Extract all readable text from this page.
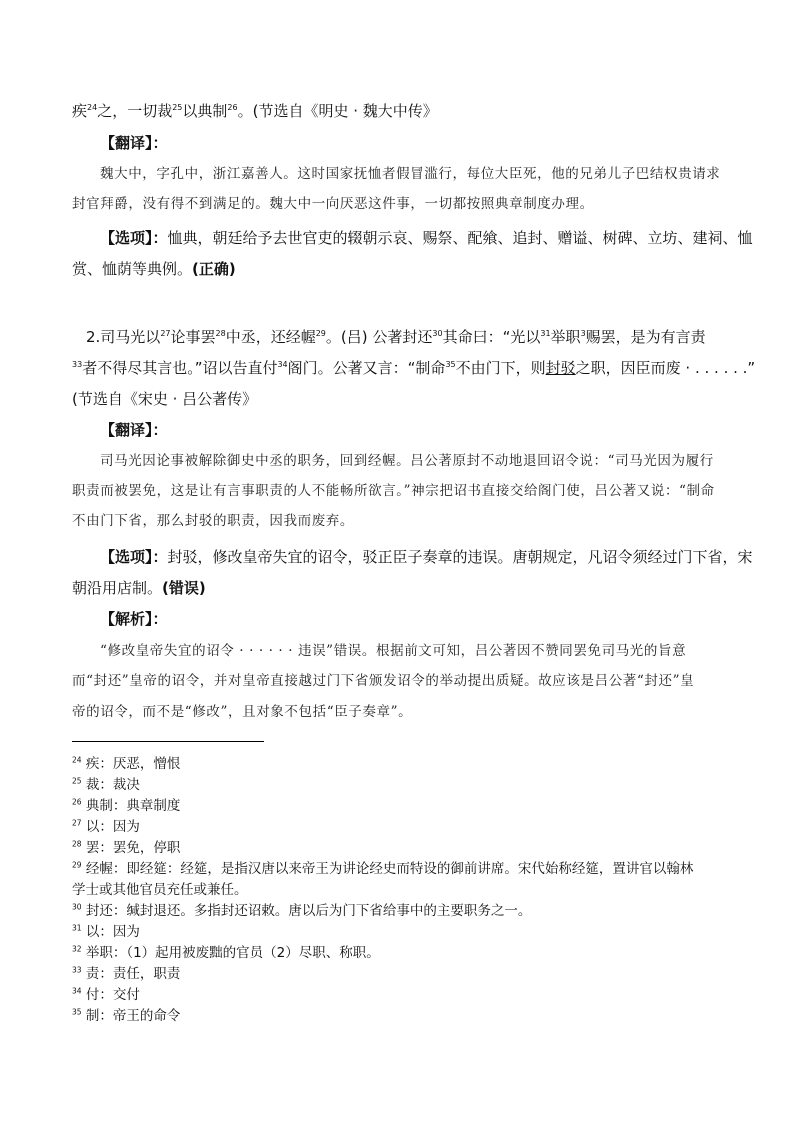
疾$^{24}$之，一切裁$^{25}$以典制$^{26}$。(节选自《明史 · 魏大中传》
【翻译】：
魏大中，字孔中，浙江嘉善人。这时国家抚恤者假冒滥行，每位大臣死，他的兄弟儿子巴结权贵请求
封官拜爵，没有得不到满足的。魏大中一向厌恶这件事，一切都按照典章制度办理。
【选项】：恤典，朝廷给予去世官吏的辍朝示哀、赐祭、配飨、追封、赠谥、树碑、立坊、建祠、恤
赏、恤荫等典例。(正确)
2.司马光以$^{27}$论事罢$^{28}$中丞，还经幄$^{29}$。(吕) 公著封还$^{30}$其命曰：“光以$^{31}$举职$^3$赐罢，是为有言责
$^{33}$者不得尽其言也。”诏以告直付$^{34}$阁门。公著又言：“制命$^{35}$不由门下，则封驳之职，因臣而废 · . . . . . .”
(节选自《宋史 · 吕公著传》
【翻译】：
司马光因论事被解除御史中丞的职务，回到经幄。吕公著原封不动地退回诏令说：“司马光因为履行
职责而被罢免，这是让有言事职责的人不能畅所欲言。”神宗把诏书直接交给阁门使，吕公著又说：“制命
不由门下省，那么封驳的职责，因我而废弃。
【选项】：封驳，修改皇帝失宜的诏令，驳正臣子奏章的违误。唐朝规定，凡诏令须经过门下省，宋
朝沿用店制。(错误)
【解析】：
“修改皇帝失宜的诏令 · · · · · · 违误”错误。根据前文可知，吕公著因不赞同罢免司马光的旨意
而“封还”皇帝的诏令，并对皇帝直接越过门下省颁发诏令的举动提出质疑。故应该是吕公著“封还”皇
帝的诏令，而不是“修改”，且对象不包括“臣子奏章”。
$^{24}$ 疾：厌恶，憎恨
$^{25}$ 裁：裁决
$^{26}$ 典制：典章制度
$^{27}$ 以：因为
$^{28}$ 罢：罢免，停职
$^{29}$ 经幄：即经筵：经筵，是指汉唐以来帝王为讲论经史而特设的御前讲席。宋代始称经筵，置讲官以翰林
学士或其他官员充任或兼任。
$^{30}$ 封还：缄封退还。多指封还诏敕。唐以后为门下省给事中的主要职务之一。
$^{31}$ 以：因为
$^{32}$ 举职：（1）起用被废黜的官员（2）尽职、称职。
$^{33}$ 责：责任，职责
$^{34}$ 付：交付
$^{35}$ 制：帝王的命令
